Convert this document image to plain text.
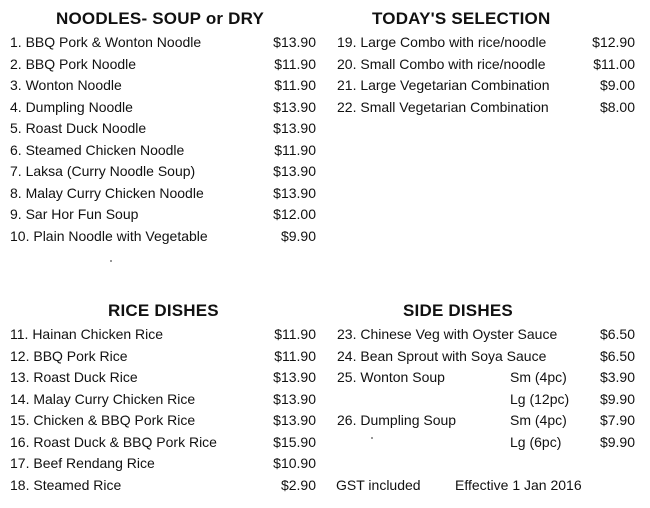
NOODLES- SOUP or DRY	TODAY'S SELECTION
RICE DISHES	SIDE DISHES
1. BBQ Pork & Wonton Noodle	$13.90
2. BBQ Pork Noodle	$11.90
3. Wonton Noodle	$11.90
4. Dumpling Noodle	$13.90
5. Roast Duck Noodle	$13.90
6. Steamed Chicken Noodle	$11.90
7. Laksa (Curry Noodle Soup)	$13.90
8. Malay Curry Chicken Noodle	$13.90
9. Sar Hor Fun Soup	$12.00
10. Plain Noodle with Vegetable	$9.90
19. Large Combo with rice/noodle	$12.90
20. Small Combo with rice/noodle	$11.00
21. Large Vegetarian Combination	$9.00
22. Small Vegetarian Combination	$8.00
11. Hainan Chicken Rice	$11.90
12. BBQ Pork Rice	$11.90
13. Roast Duck Rice	$13.90
14. Malay Curry Chicken Rice	$13.90
15. Chicken & BBQ Pork Rice	$13.90
16. Roast Duck & BBQ Pork Rice	$15.90
17. Beef Rendang Rice	$10.90
18. Steamed Rice	$2.90
23. Chinese Veg with Oyster Sauce	$6.50
24. Bean Sprout with Soya Sauce	$6.50
25. Wonton Soup	Sm (4pc) $3.90
Lg (12pc) $9.90
26. Dumpling Soup	Sm (4pc) $7.90
Lg (6pc)	$9.90
GST included Effective 1 Jan 2016
